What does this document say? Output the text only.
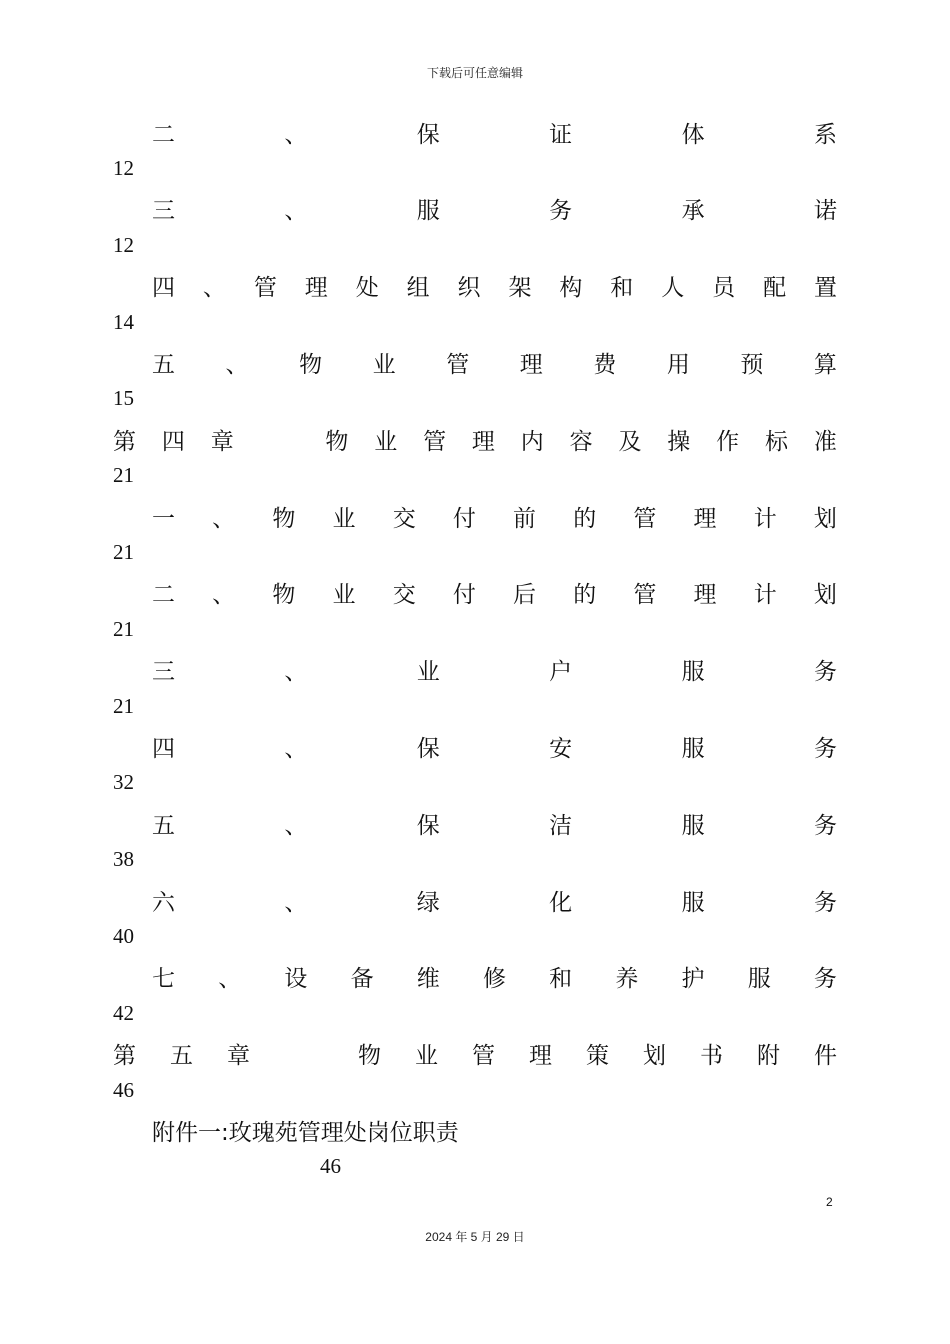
下载后可任意编辑
二	、	保	证	体	系
12
三	、	服	务	承	诺
12
四 、 管 理 处 组 织 架 构 和 人 员 配 置
14
五 、 物 业 管 理 费 用 预 算
15
第 四 章	物 业 管 理 内 容 及 操 作 标 准
21
一 、 物 业 交 付 前 的 管 理 计 划
21
二 、 物 业 交 付 后 的 管 理 计 划
21
三	、	业	户	服	务
21
四	、	保	安	服	务
32
五	、	保	洁	服	务
38
六	、	绿	化	服	务
40
七 、 设 备 维 修 和 养 护 服 务
42
第 五 章	物 业 管 理 策 划 书 附 件
46
附件一:玫瑰苑管理处岗位职责
46
2
2024 年 5 月 29 日
